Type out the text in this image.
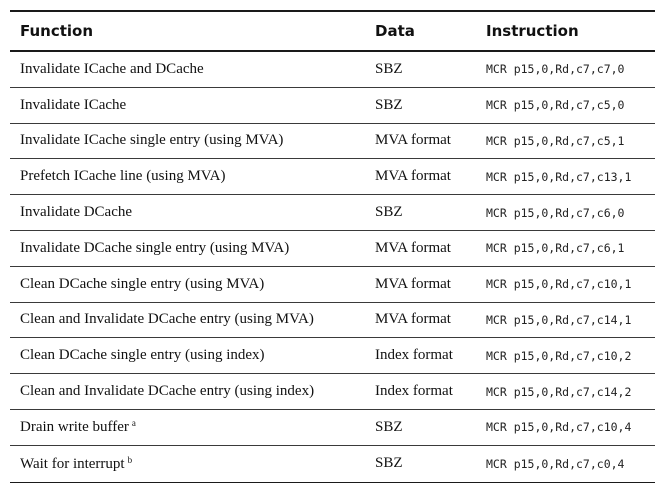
Function	Data	Instruction
Invalidate ICache and DCache	SBZ	MCR p15,0,Rd,c7,c7,0
Invalidate ICache	SBZ	MCR p15,0,Rd,c7,c5,0
Invalidate ICache single entry (using MVA)	MVA format	MCR p15,0,Rd,c7,c5,1
Prefetch ICache line (using MVA)	MVA format	MCR p15,0,Rd,c7,c13,1
Invalidate DCache	SBZ	MCR p15,0,Rd,c7,c6,0
Invalidate DCache single entry (using MVA)	MVA format	MCR p15,0,Rd,c7,c6,1
Clean DCache single entry (using MVA)	MVA format	MCR p15,0,Rd,c7,c10,1
Clean and Invalidate DCache entry (using MVA)	MVA format	MCR p15,0,Rd,c7,c14,1
Clean DCache single entry (using index)	Index format	MCR p15,0,Rd,c7,c10,2
Clean and Invalidate DCache entry (using index)	Index format	MCR p15,0,Rd,c7,c14,2
Drain write buffer $^a$	SBZ	MCR p15,0,Rd,c7,c10,4
Wait for interrupt $^b$	SBZ	MCR p15,0,Rd,c7,c0,4
